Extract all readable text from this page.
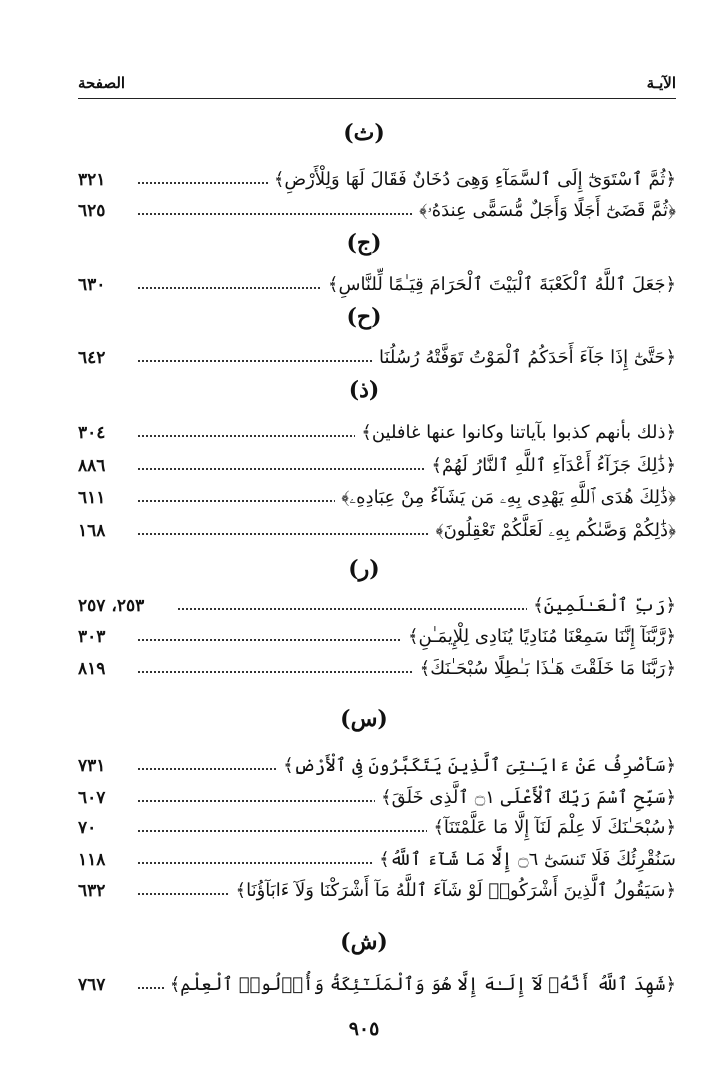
الآيـة
الصفحة
(ث)
﴿ثُمَّ ٱسْتَوَىٰٓ إِلَى ٱلسَّمَآءِ وَهِىَ دُخَانٌ فَقَالَ لَهَا وَلِلْأَرْضِ﴾
٣٢١
﴿ثُمَّ قَضَىٰٓ أَجَلًا وَأَجَلٌ مُّسَمًّى عِندَهُۥ﴾
٦٢٥
(ج)
﴿جَعَلَ ٱللَّهُ ٱلْكَعْبَةَ ٱلْبَيْتَ ٱلْحَرَامَ قِيَـٰمًا لِّلنَّاسِ﴾
٦٣٠
(ح)
﴿حَتَّىٰٓ إِذَا جَآءَ أَحَدَكُمُ ٱلْمَوْتُ تَوَفَّتْهُ رُسُلُنَا
٦٤٢
(ذ)
﴿ذلك بأنهم كذبوا بآياتنا وكانوا عنها غافلين﴾
٣٠٤
﴿ذَٰلِكَ جَزَآءُ أَعْدَآءِ ٱللَّهِ ٱلنَّارُ لَهُمْ﴾
٨٨٦
﴿ذَٰلِكَ هُدَى ٱللَّهِ يَهْدِى بِهِۦ مَن يَشَآءُ مِنْ عِبَادِهِۦ﴾
٦١١
﴿ذَٰلِكُمْ وَصَّىٰكُم بِهِۦ لَعَلَّكُمْ تَعْقِلُونَ﴾
١٦٨
(ر)
﴿رَبِّ ٱلْعَـٰلَمِينَ﴾
٢٥٣، ٢٥٧
﴿رَّبَّنَآ إِنَّنَا سَمِعْنَا مُنَادِيًا يُنَادِى لِلْإِيمَـٰنِ﴾
٣٠٣
﴿رَبَّنَا مَا خَلَقْتَ هَـٰذَا بَـٰطِلًا سُبْحَـٰنَكَ﴾
٨١٩
(س)
﴿سَأَصْرِفُ عَنْ ءَايَـٰتِىَ ٱلَّذِينَ يَتَكَبَّرُونَ فِى ٱلْأَرْضِ﴾
٧٣١
﴿سَبِّحِ ٱسْمَ رَبِّكَ ٱلْأَعْلَى ۝١ ٱلَّذِى خَلَقَ﴾
٦٠٧
﴿سُبْحَـٰنَكَ لَا عِلْمَ لَنَآ إِلَّا مَا عَلَّمْتَنَآ﴾
٧٠
سَنُقْرِئُكَ فَلَا تَنسَىٰٓ ۝٦ إِلَّا مَا شَآءَ ٱللَّهُ﴾
١١٨
﴿سَيَقُولُ ٱلَّذِينَ أَشْرَكُوا۟ لَوْ شَآءَ ٱللَّهُ مَآ أَشْرَكْنَا وَلَآ ءَابَآؤُنَا﴾
٦٣٢
(ش)
﴿شَهِدَ ٱللَّهُ أَنَّهُۥ لَآ إِلَـٰهَ إِلَّا هُوَ وَٱلْمَلَـٰٓئِكَةُ وَأُو۟لُوا۟ ٱلْعِلْمِ﴾
٧٦٧
٩٠٥
